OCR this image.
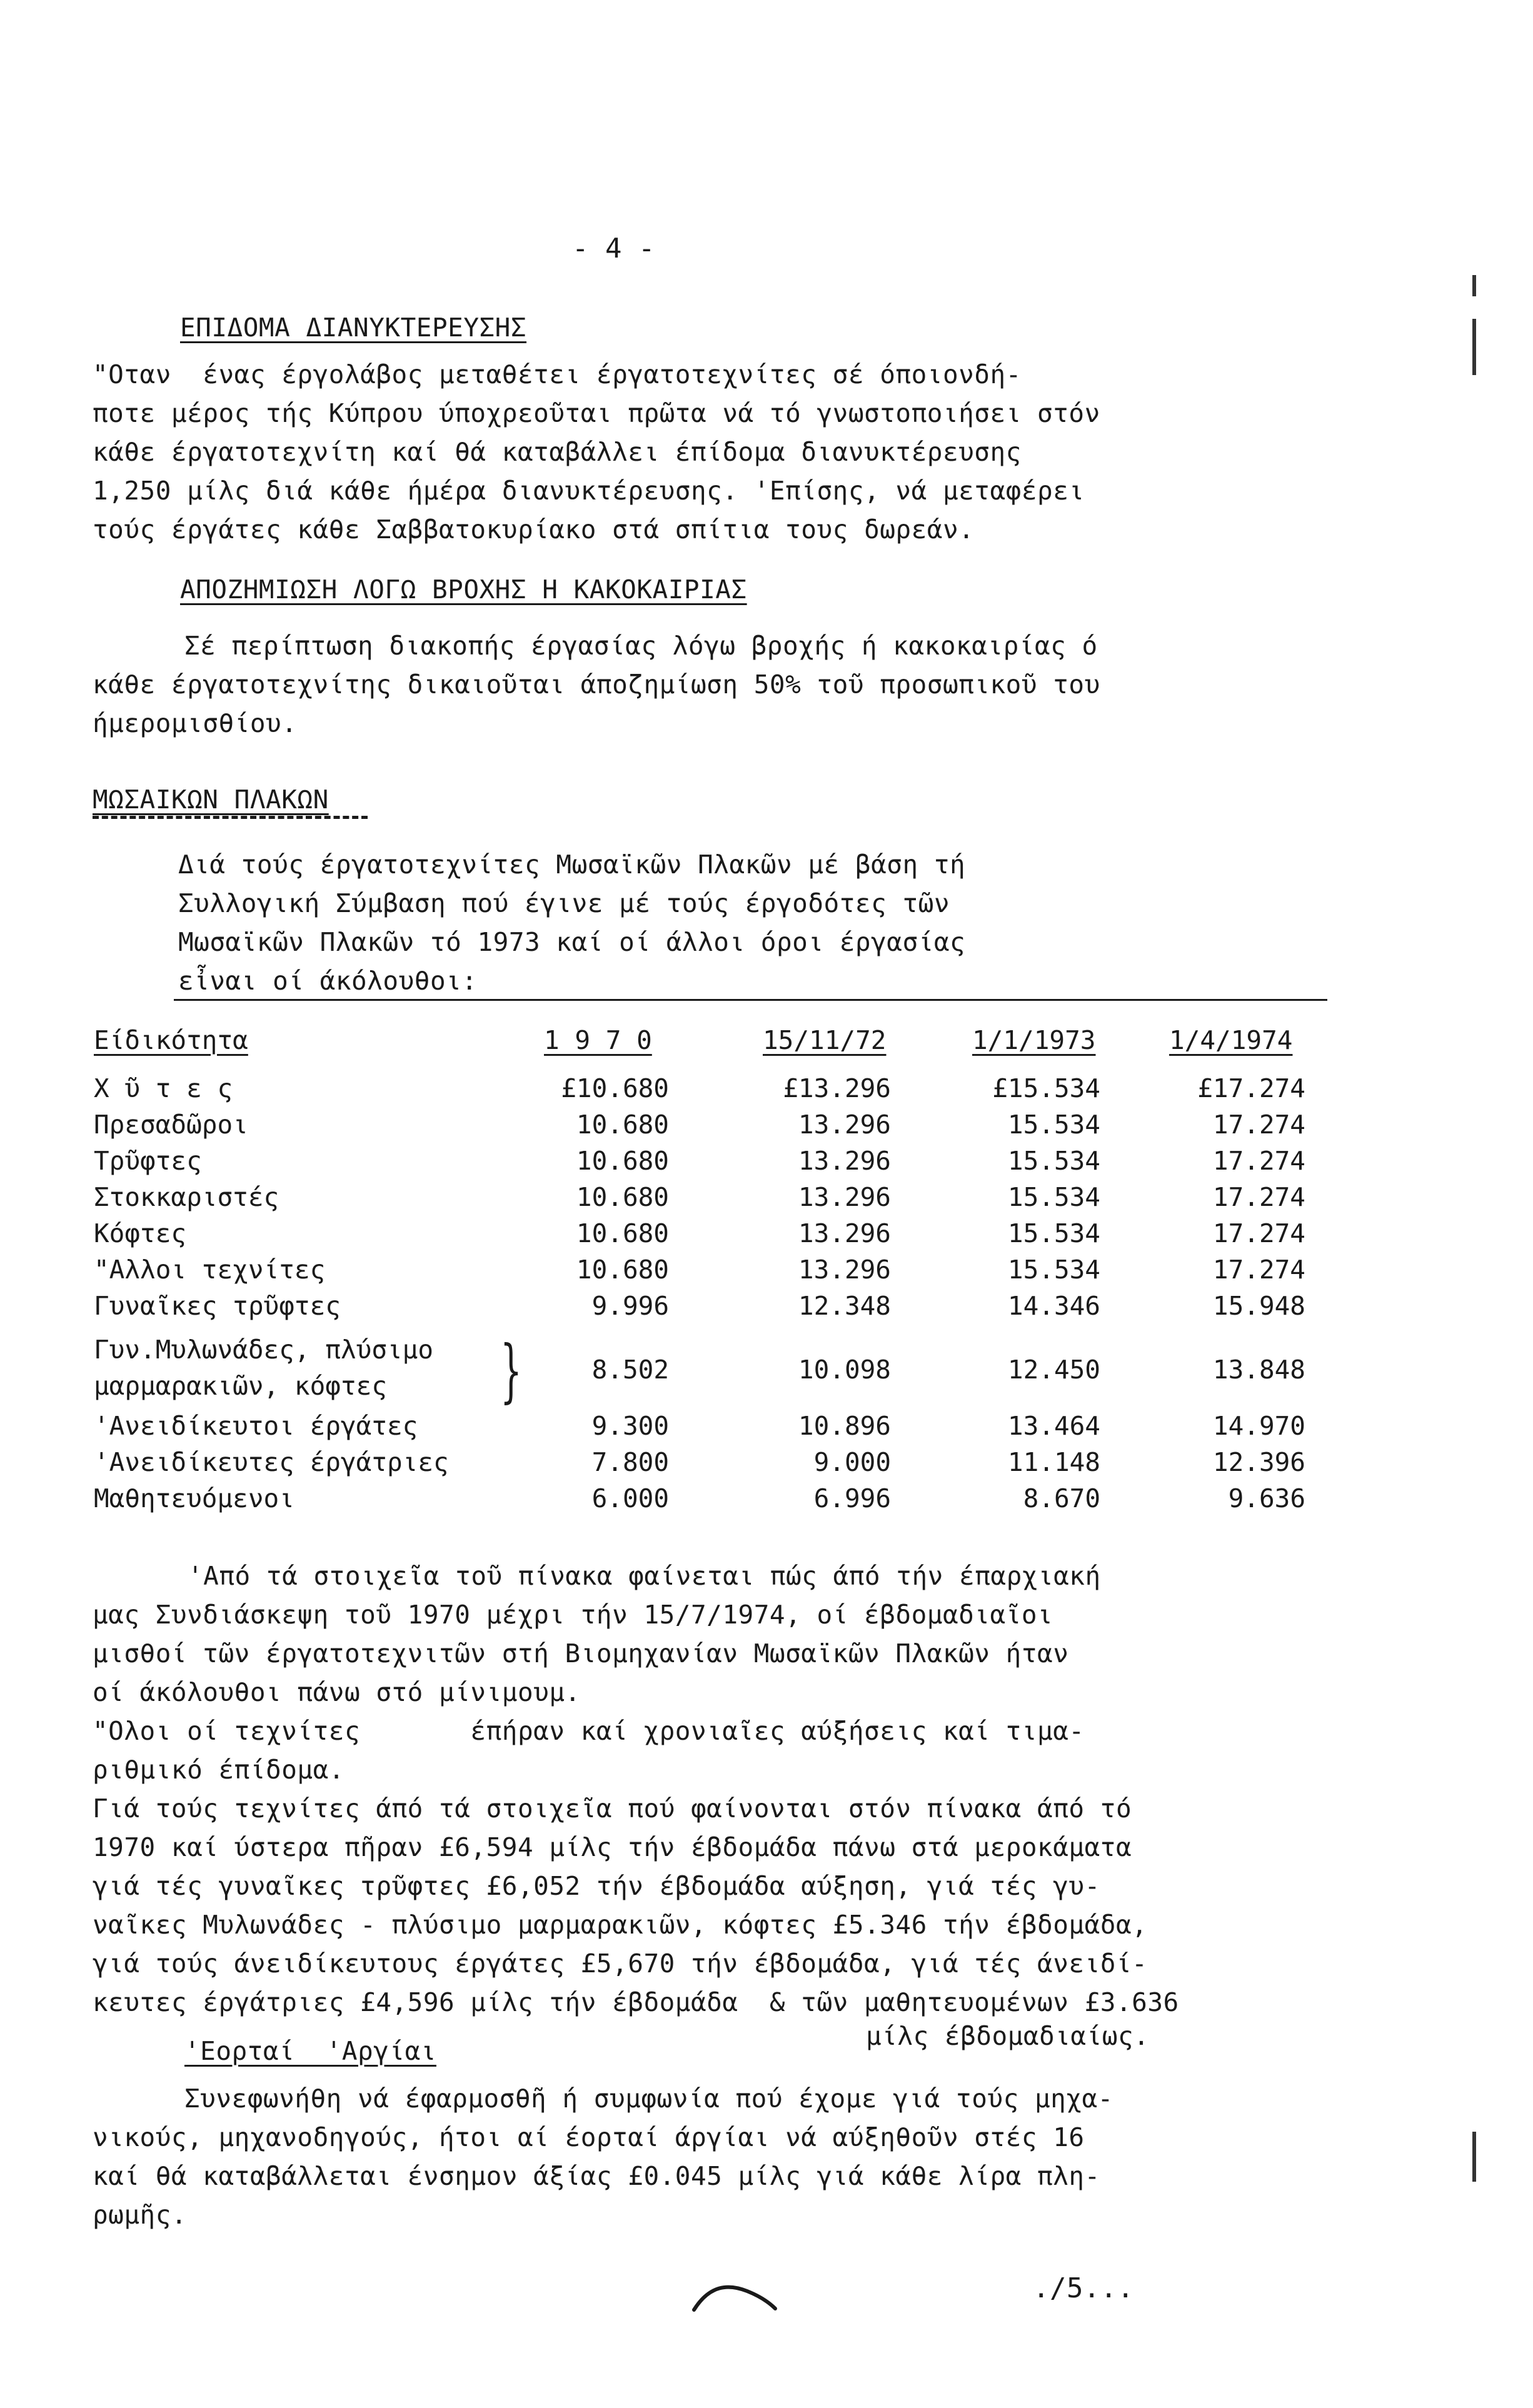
- 4 -
ΕΠΙΔΟΜΑ ΔΙΑΝΥΚΤΕΡΕΥΣΗΣ
"Οταν  ένας έργολάβος μεταθέτει έργατοτεχνίτες σέ όποιονδή-
ποτε μέρος τής Κύπρου ύποχρεοῦται πρῶτα νά τό γνωστοποιήσει στόν
κάθε έργατοτεχνίτη καί θά καταβάλλει έπίδομα διανυκτέρευσης
1,250 μίλς διά κάθε ήμέρα διανυκτέρευσης. 'Επίσης, νά μεταφέρει
τούς έργάτες κάθε Σαββατοκυρίακο στά σπίτια τους δωρεάν.
ΑΠΟΖΗΜΙΩΣΗ ΛΟΓΩ ΒΡΟΧΗΣ Η ΚΑΚΟΚΑΙΡΙΑΣ
Σέ περίπτωση διακοπής έργασίας λόγω βροχής ή κακοκαιρίας ό
κάθε έργατοτεχνίτης δικαιοῦται άποζημίωση 50% τοῦ προσωπικοῦ του
ήμερομισθίου.
ΜΩΣΑΙΚΩΝ ΠΛΑΚΩΝ
Διά τούς έργατοτεχνίτες Μωσαϊκῶν Πλακῶν μέ βάση τή
Συλλογική Σύμβαση πού έγινε μέ τούς έργοδότες τῶν
Μωσαϊκῶν Πλακῶν τό 1973 καί οί άλλοι όροι έργασίας
εἶναι οί άκόλουθοι:
Είδικότητα	1 9 7 0	15/11/72	1/1/1973	1/4/1974
Χ ῦ τ ε ς	£10.680	£13.296	£15.534	£17.274
Πρεσαδῶροι	10.680	13.296	15.534	17.274
Τρῦφτες	10.680	13.296	15.534	17.274
Στοκκαριστές	10.680	13.296	15.534	17.274
Κόφτες	10.680	13.296	15.534	17.274
"Αλλοι τεχνίτες	10.680	13.296	15.534	17.274
Γυναῖκες τρῦφτες	9.996	12.348	14.346	15.948
Γυν.Μυλωνάδες, πλύσιμο
μαρμαρακιῶν, κόφτες
8.502	10.098	12.450	13.848
'Ανειδίκευτοι έργάτες	9.300	10.896	13.464	14.970
'Ανειδίκευτες έργάτριες	7.800	9.000	11.148	12.396
Μαθητευόμενοι	6.000	6.996	8.670	9.636
}
'Από τά στοιχεῖα τοῦ πίνακα φαίνεται πώς άπό τήν έπαρχιακή
μας Συνδιάσκεψη τοῦ 1970 μέχρι τήν 15/7/1974, οί έβδομαδιαῖοι
μισθοί τῶν έργατοτεχνιτῶν στή Βιομηχανίαν Μωσαϊκῶν Πλακῶν ήταν
οί άκόλουθοι πάνω στό μίνιμουμ.
"Ολοι οί τεχνίτες       έπήραν καί χρονιαῖες αύξήσεις καί τιμα-
ριθμικό έπίδομα.
Γιά τούς τεχνίτες άπό τά στοιχεῖα πού φαίνονται στόν πίνακα άπό τό
1970 καί ύστερα πῆραν £6,594 μίλς τήν έβδομάδα πάνω στά μεροκάματα
γιά τές γυναῖκες τρῦφτες £6,052 τήν έβδομάδα αύξηση, γιά τές γυ-
ναῖκες Μυλωνάδες - πλύσιμο μαρμαρακιῶν, κόφτες £5.346 τήν έβδομάδα,
γιά τούς άνειδίκευτους έργάτες £5,670 τήν έβδομάδα, γιά τές άνειδί-
κευτες έργάτριες £4,596 μίλς τήν έβδομάδα  & τῶν μαθητευομένων £3.636
μίλς έβδομαδιαίως.
'Εορταί  'Αργίαι
Συνεφωνήθη νά έφαρμοσθῆ ή συμφωνία πού έχομε γιά τούς μηχα-
νικούς, μηχανοδηγούς, ήτοι αί έορταί άργίαι νά αύξηθοῦν στές 16
καί θά καταβάλλεται ένσημον άξίας £0.045 μίλς γιά κάθε λίρα πλη-
ρωμῆς.
./5...
